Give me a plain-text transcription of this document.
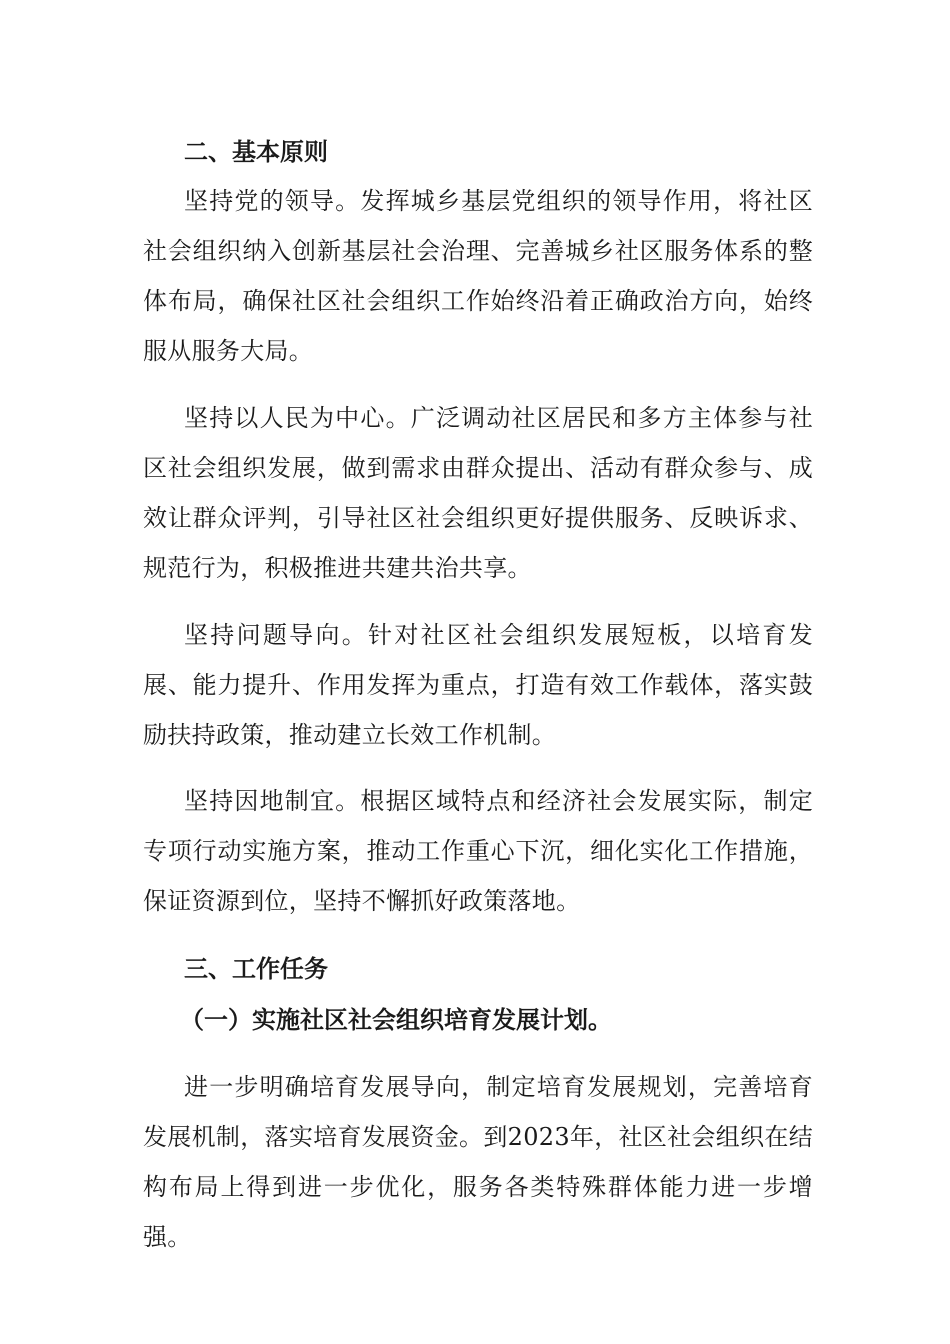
二、基本原则

坚持党的领导。发挥城乡基层党组织的领导作用，将社区社会组织纳入创新基层社会治理、完善城乡社区服务体系的整体布局，确保社区社会组织工作始终沿着正确政治方向，始终服从服务大局。

坚持以人民为中心。广泛调动社区居民和多方主体参与社区社会组织发展，做到需求由群众提出、活动有群众参与、成效让群众评判，引导社区社会组织更好提供服务、反映诉求、规范行为，积极推进共建共治共享。

坚持问题导向。针对社区社会组织发展短板，以培育发展、能力提升、作用发挥为重点，打造有效工作载体，落实鼓励扶持政策，推动建立长效工作机制。

坚持因地制宜。根据区域特点和经济社会发展实际，制定专项行动实施方案，推动工作重心下沉，细化实化工作措施，保证资源到位，坚持不懈抓好政策落地。

三、工作任务
（一）实施社区社会组织培育发展计划。

进一步明确培育发展导向，制定培育发展规划，完善培育发展机制，落实培育发展资金。到2023年，社区社会组织在结构布局上得到进一步优化，服务各类特殊群体能力进一步增强。
